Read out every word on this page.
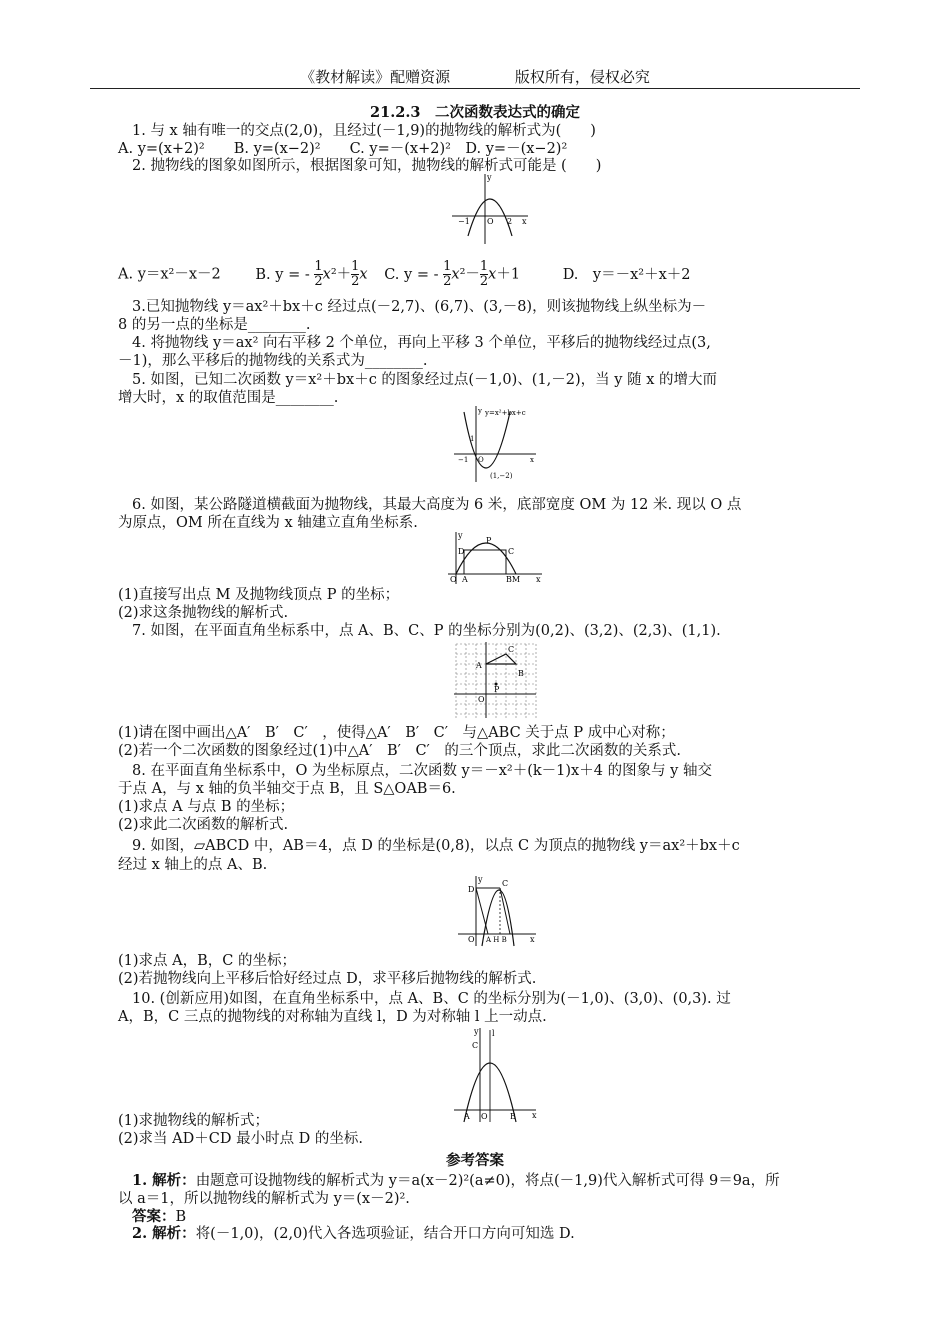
《教材解读》配赠资源	版权所有，侵权必究
21.2.3　二次函数表达式的确定
1. 与 x 轴有唯一的交点(2,0)，且经过(－1,9)的抛物线的解析式为(　　)
A. y=(x+2)²　　B. y=(x−2)²　　C. y=－(x+2)²　D. y=－(x−2)²
2. 抛物线的图象如图所示，根据图象可知，抛物线的解析式可能是 (　　)
y
x
O
−1	2
A. y＝x²－x－2 B. y = - $\frac{1}{2} x^2+ \frac{1}{2}$ x C. y = - $\frac{1}{2} x^2- \frac{1}{2} x+1$	D.　y＝－x²＋x＋2
3.已知抛物线 y＝ax²＋bx＋c 经过点(－2,7)、(6,7)、(3,－8)，则该抛物线上纵坐标为－
8 的另一点的坐标是________.
4. 将抛物线 y＝ax² 向右平移 2 个单位，再向上平移 3 个单位，平移后的抛物线经过点(3,
－1)，那么平移后的抛物线的关系式为________.
5. 如图，已知二次函数 y＝x²＋bx＋c 的图象经过点(－1,0)、(1,－2)，当 y 随 x 的增大而
增大时，x 的取值范围是________.
y y=x²+bx+c
x
O
−1
1
(1,−2)
6. 如图，某公路隧道横截面为抛物线，其最大高度为 6 米，底部宽度 OM 为 12 米. 现以 O 点
为原点，OM 所在直线为 x 轴建立直角坐标系.
y
x
O A
D
P
C
BM
(1)直接写出点 M 及抛物线顶点 P 的坐标；
(2)求这条抛物线的解析式.
7. 如图，在平面直角坐标系中，点 A、B、C、P 的坐标分别为(0,2)、(3,2)、(2,3)、(1,1).
A
B
C
P
O
(1)请在图中画出△A′　B′　C′　，使得△A′　B′　C′　与△ABC 关于点 P 成中心对称；
(2)若一个二次函数的图象经过(1)中△A′　B′　C′　的三个顶点，求此二次函数的关系式.
8. 在平面直角坐标系中，O 为坐标原点，二次函数 y＝－x²＋(k－1)x＋4 的图象与 y 轴交
于点 A，与 x 轴的负半轴交于点 B，且 S△OAB＝6.
(1)求点 A 与点 B 的坐标；
(2)求此二次函数的解析式.
9. 如图，▱ABCD 中，AB＝4，点 D 的坐标是(0,8)，以点 C 为顶点的抛物线 y＝ax²＋bx＋c
经过 x 轴上的点 A、B.
y
x
O
D
C
A H B
(1)求点 A，B，C 的坐标；
(2)若抛物线向上平移后恰好经过点 D，求平移后抛物线的解析式.
10. (创新应用)如图，在直角坐标系中，点 A、B、C 的坐标分别为(－1,0)、(3,0)、(0,3). 过
A，B，C 三点的抛物线的对称轴为直线 l，D 为对称轴 l 上一动点.
y
x
l
C
A O	B
(1)求抛物线的解析式；
(2)求当 AD＋CD 最小时点 D 的坐标.
参考答案
1. 解析：由题意可设抛物线的解析式为 y＝a(x－2)²(a≠0)，将点(－1,9)代入解析式可得 9＝9a，所
以 a＝1，所以抛物线的解析式为 y＝(x－2)².
答案：B
2. 解析：将(－1,0)，(2,0)代入各选项验证，结合开口方向可知选 D.
